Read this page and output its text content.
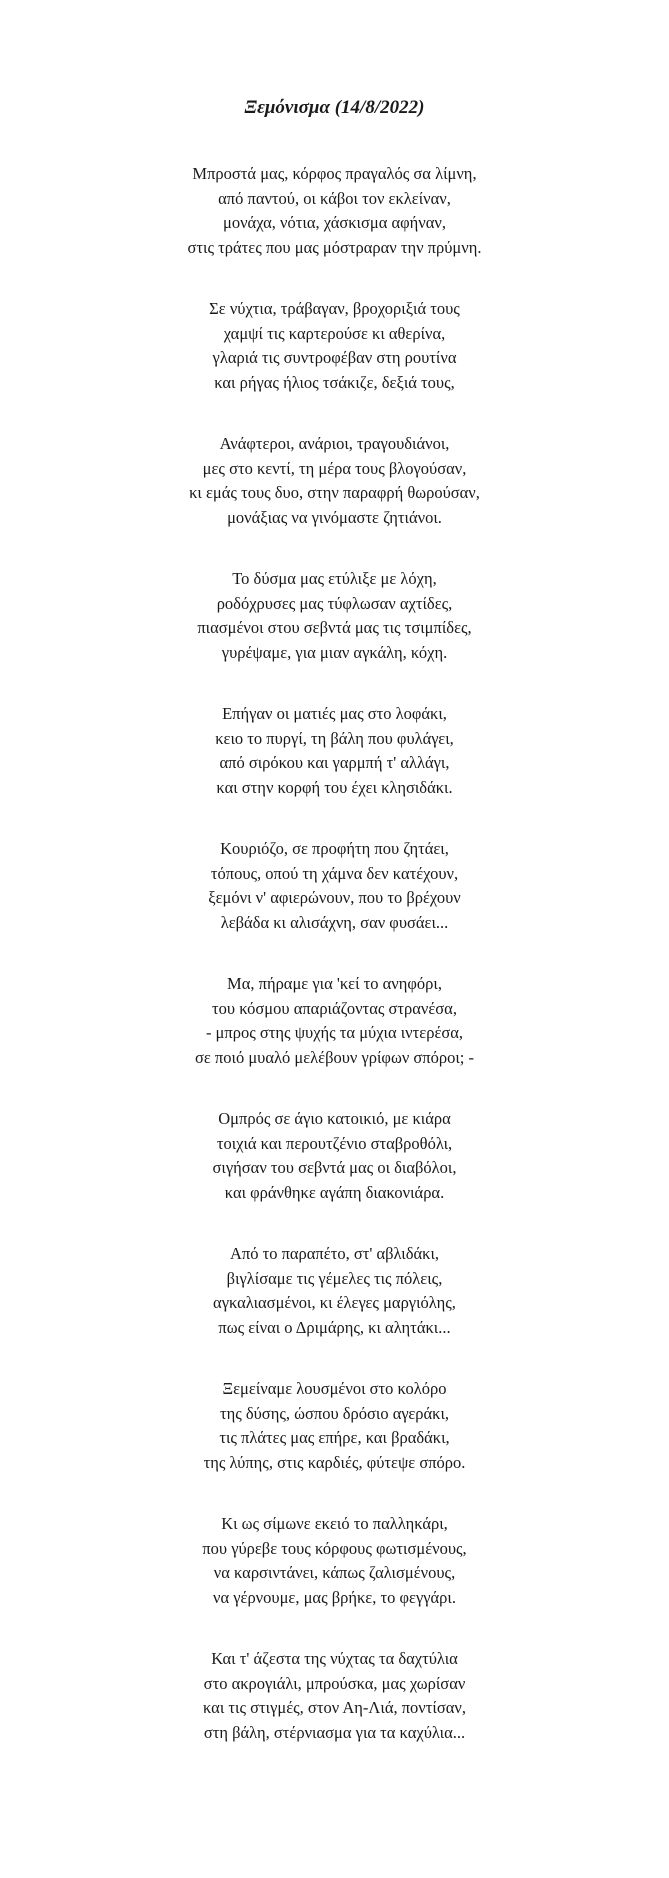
Ξεμόνισμα (14/8/2022)
Μπροστά μας, κόρφος πραγαλός σα λίμνη,
από παντού, οι κάβοι τον εκλείναν,
μονάχα, νότια, χάσκισμα αφήναν,
στις τράτες που μας μόστραραν την πρύμνη.
Σε νύχτια, τράβαγαν, βροχοριξιά τους
χαμψί τις καρτερούσε κι αθερίνα,
γλαριά τις συντροφέβαν στη ρουτίνα
και ρήγας ήλιος τσάκιζε, δεξιά τους,
Ανάφτεροι, ανάριοι, τραγουδιάνοι,
μες στο κεντί, τη μέρα τους βλογούσαν,
κι εμάς τους δυο, στην παραφρή θωρούσαν,
μονάξιας να γινόμαστε ζητιάνοι.
Το δύσμα μας ετύλιξε με λόχη,
ροδόχρυσες μας τύφλωσαν αχτίδες,
πιασμένοι στου σεβντά μας τις τσιμπίδες,
γυρέψαμε, για μιαν αγκάλη, κόχη.
Επήγαν οι ματιές μας στο λοφάκι,
κειο το πυργί, τη βάλη που φυλάγει,
από σιρόκου και γαρμπή τ' αλλάγι,
και στην κορφή του έχει κλησιδάκι.
Κουριόζο, σε προφήτη που ζητάει,
τόπους, οπού τη χάμνα δεν κατέχουν,
ξεμόνι ν' αφιερώνουν, που το βρέχουν
λεβάδα κι αλισάχνη, σαν φυσάει...
Μα, πήραμε για 'κεί το ανηφόρι,
του κόσμου απαριάζοντας στρανέσα,
- μπρος στης ψυχής τα μύχια ιντερέσα,
σε ποιό μυαλό μελέβουν γρίφων σπόροι; -
Ομπρός σε άγιο κατοικιό, με κιάρα
τοιχιά και περουτζένιο σταβροθόλι,
σιγήσαν του σεβντά μας οι διαβόλοι,
και φράνθηκε αγάπη διακονιάρα.
Από το παραπέτο, στ' αβλιδάκι,
βιγλίσαμε τις γέμελες τις πόλεις,
αγκαλιασμένοι, κι έλεγες μαργιόλης,
πως είναι ο Δριμάρης, κι αλητάκι...
Ξεμείναμε λουσμένοι στο κολόρο
της δύσης, ώσπου δρόσιο αγεράκι,
τις πλάτες μας επήρε, και βραδάκι,
της λύπης, στις καρδιές, φύτεψε σπόρο.
Κι ως σίμωνε εκειό το παλληκάρι,
που γύρεβε τους κόρφους φωτισμένους,
να καρσιντάνει, κάπως ζαλισμένους,
να γέρνουμε, μας βρήκε, το φεγγάρι.
Και τ' άζεστα της νύχτας τα δαχτύλια
στο ακρογιάλι, μπρούσκα, μας χωρίσαν
και τις στιγμές, στον Αη-Λιά, ποντίσαν,
στη βάλη, στέρνιασμα για τα καχύλια...
